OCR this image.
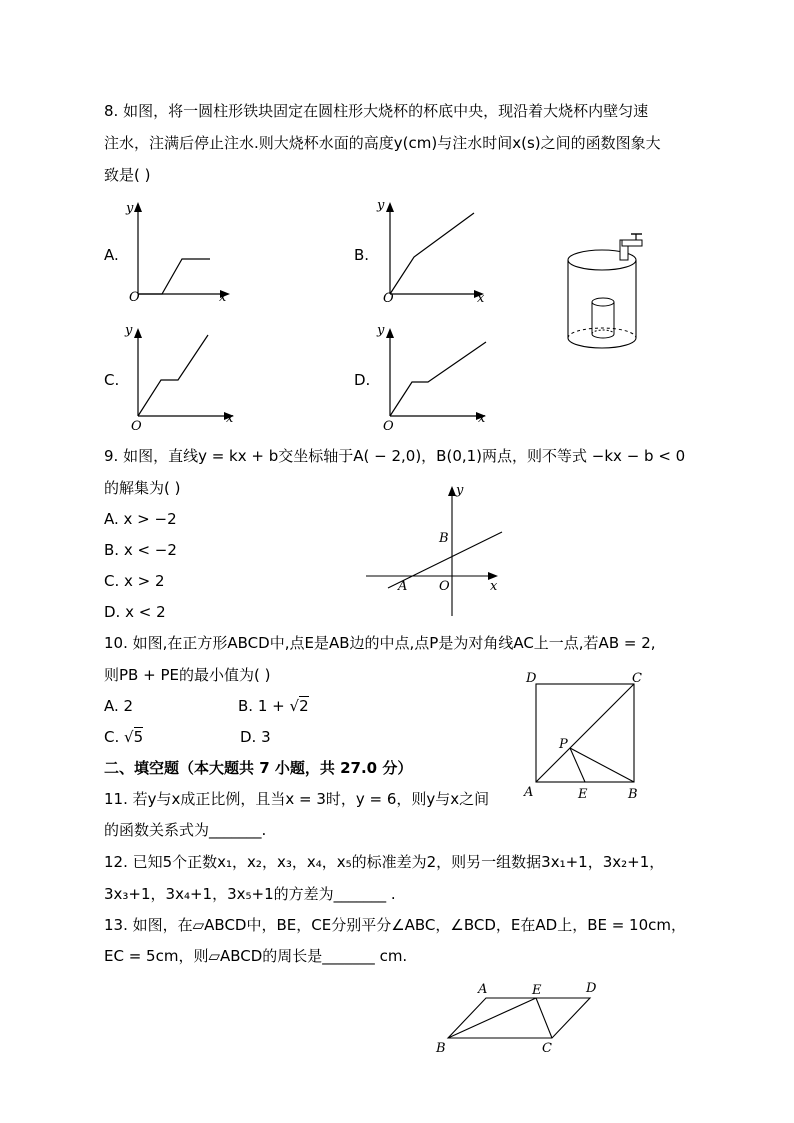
8. 如图，将一圆柱形铁块固定在圆柱形大烧杯的杯底中央，现沿着大烧杯内壁匀速
注水，注满后停止注水.则大烧杯水面的高度y(cm)与注水时间x(s)之间的函数图象大
致是( )
A.	B.
C.	D.
y
O	x
y
O	x
y
O
x
y
O
x
9. 如图，直线y = kx + b交坐标轴于A( − 2,0)，B(0,1)两点，则不等式 −kx − b < 0
的解集为( )
A. x > −2
B. x < −2
C. x > 2
D. x < 2
y
x
O
A
B
10. 如图,在正方形ABCD中,点E是AB边的中点,点P是为对角线AC上一点,若AB = 2,
则PB + PE的最小值为( )
A. 2	B. 1 + √2
C. √5	D. 3
D	C
A	B
E
P
二、填空题（本大题共 7 小题，共 27.0 分）
11. 若y与x成正比例，且当x = 3时，y = 6，则y与x之间
的函数关系式为_______.
12. 已知5个正数x₁，x₂，x₃，x₄，x₅的标准差为2，则另一组数据3x₁+1，3x₂+1，
3x₃+1，3x₄+1，3x₅+1的方差为_______ .
13. 如图，在▱ABCD中，BE，CE分别平分∠ABC，∠BCD，E在AD上，BE = 10cm，
EC = 5cm，则▱ABCD的周长是_______ cm.
A	E	D
B	C
